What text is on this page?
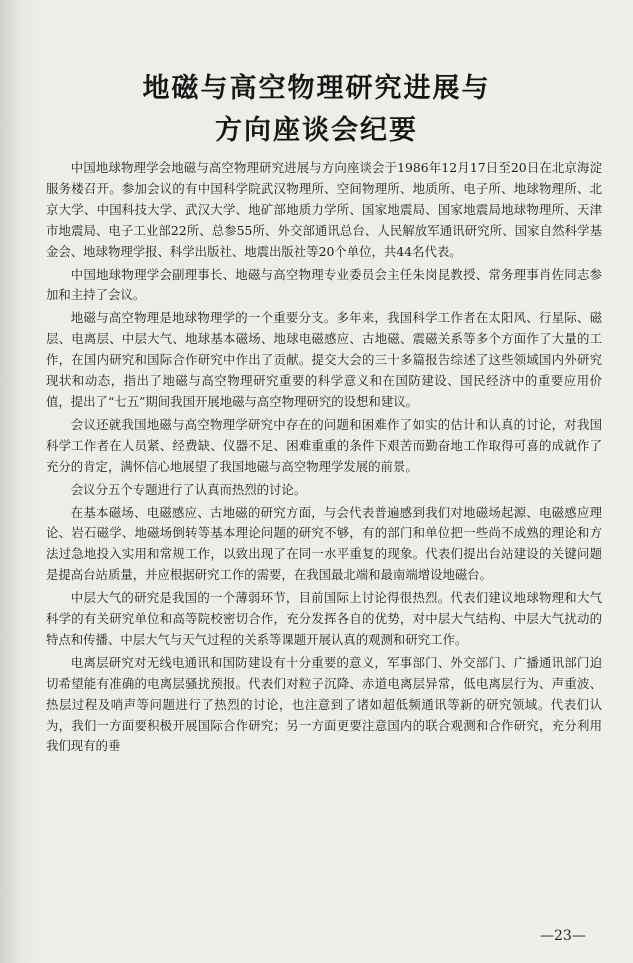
地磁与高空物理研究进展与
方向座谈会纪要

中国地球物理学会地磁与高空物理研究进展与方向座谈会于1986年12月17日至20日在北京海淀服务楼召开。参加会议的有中国科学院武汉物理所、空间物理所、地质所、电子所、地球物理所、北京大学、中国科技大学、武汉大学、地矿部地质力学所、国家地震局、国家地震局地球物理所、天津市地震局、电子工业部22所、总参55所、外交部通讯总台、人民解放军通讯研究所、国家自然科学基金会、地球物理学报、科学出版社、地震出版社等20个单位，共44名代表。

中国地球物理学会副理事长、地磁与高空物理专业委员会主任朱岗昆教授、常务理事肖佐同志参加和主持了会议。

地磁与高空物理是地球物理学的一个重要分支。多年来，我国科学工作者在太阳风、行星际、磁层、电离层、中层大气、地球基本磁场、地球电磁感应、古地磁、震磁关系等多个方面作了大量的工作，在国内研究和国际合作研究中作出了贡献。提交大会的三十多篇报告综述了这些领域国内外研究现状和动态，指出了地磁与高空物理研究重要的科学意义和在国防建设、国民经济中的重要应用价值，提出了“七五”期间我国开展地磁与高空物理研究的设想和建议。

会议还就我国地磁与高空物理学研究中存在的问题和困难作了如实的估计和认真的讨论，对我国科学工作者在人员紧、经费缺、仪器不足、困难重重的条件下艰苦而勤奋地工作取得可喜的成就作了充分的肯定，满怀信心地展望了我国地磁与高空物理学发展的前景。

会议分五个专题进行了认真而热烈的讨论。

在基本磁场、电磁感应、古地磁的研究方面，与会代表普遍感到我们对地磁场起源、电磁感应理论、岩石磁学、地磁场倒转等基本理论问题的研究不够，有的部门和单位把一些尚不成熟的理论和方法过急地投入实用和常规工作，以致出现了在同一水平重复的现象。代表们提出台站建设的关键问题是提高台站质量，并应根据研究工作的需要，在我国最北端和最南端增设地磁台。

中层大气的研究是我国的一个薄弱环节，目前国际上讨论得很热烈。代表们建议地球物理和大气科学的有关研究单位和高等院校密切合作，充分发挥各自的优势，对中层大气结构、中层大气扰动的特点和传播、中层大气与天气过程的关系等课题开展认真的观测和研究工作。

电离层研究对无线电通讯和国防建设有十分重要的意义，军事部门、外交部门、广播通讯部门迫切希望能有准确的电离层骚扰预报。代表们对粒子沉降、赤道电离层异常，低电离层行为、声重波、热层过程及哨声等问题进行了热烈的讨论，也注意到了诸如超低频通讯等新的研究领域。代表们认为，我们一方面要积极开展国际合作研究；另一方面更要注意国内的联合观测和合作研究，充分利用我们现有的垂

—23—
